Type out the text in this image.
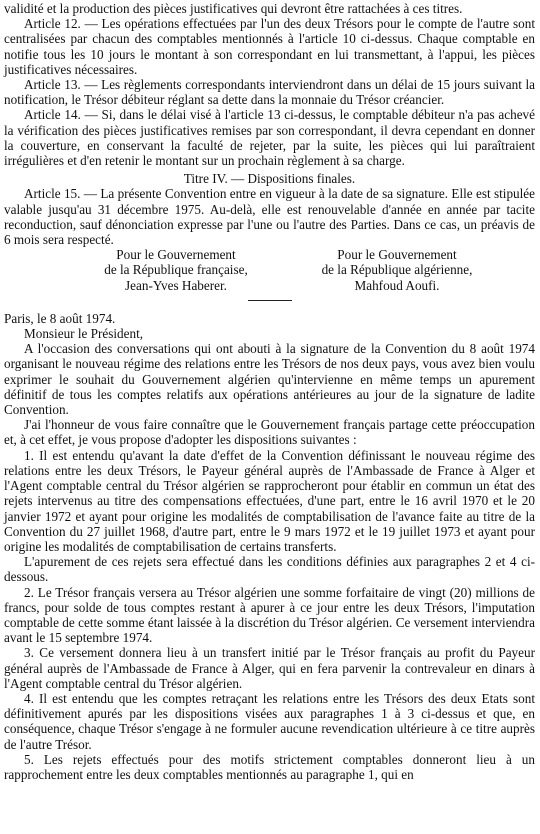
validité et la production des pièces justificatives qui devront être rattachées à ces titres.

Article 12. — Les opérations effectuées par l'un des deux Trésors pour le compte de l'autre sont centralisées par chacun des comptables mentionnés à l'article 10 ci-dessus. Chaque comptable en notifie tous les 10 jours le montant à son correspondant en lui transmettant, à l'appui, les pièces justificatives nécessaires.

Article 13. — Les règlements correspondants interviendront dans un délai de 15 jours suivant la notification, le Trésor débiteur réglant sa dette dans la monnaie du Trésor créancier.

Article 14. — Si, dans le délai visé à l'article 13 ci-dessus, le comptable débiteur n'a pas achevé la vérification des pièces justificatives remises par son correspondant, il devra cependant en donner la couverture, en conservant la faculté de rejeter, par la suite, les pièces qui lui paraîtraient irrégulières et d'en retenir le montant sur un prochain règlement à sa charge.

Titre IV. — Dispositions finales.

Article 15. — La présente Convention entre en vigueur à la date de sa signature. Elle est stipulée valable jusqu'au 31 décembre 1975. Au-delà, elle est renouvelable d'année en année par tacite reconduction, sauf dénonciation expresse par l'une ou l'autre des Parties. Dans ce cas, un préavis de 6 mois sera respecté.

Pour le Gouvernement
de la République française,
Jean-Yves Haberer.
Pour le Gouvernement
de la République algérienne,
Mahfoud Aoufi.

Paris, le 8 août 1974.

Monsieur le Président,

A l'occasion des conversations qui ont abouti à la signature de la Convention du 8 août 1974 organisant le nouveau régime des relations entre les Trésors de nos deux pays, vous avez bien voulu exprimer le souhait du Gouvernement algérien qu'intervienne en même temps un apurement définitif de tous les comptes relatifs aux opérations antérieures au jour de la signature de ladite Convention.

J'ai l'honneur de vous faire connaître que le Gouvernement français partage cette préoccupation et, à cet effet, je vous propose d'adopter les dispositions suivantes :

1. Il est entendu qu'avant la date d'effet de la Convention définissant le nouveau régime des relations entre les deux Trésors, le Payeur général auprès de l'Ambassade de France à Alger et l'Agent comptable central du Trésor algérien se rapprocheront pour établir en commun un état des rejets intervenus au titre des compensations effectuées, d'une part, entre le 16 avril 1970 et le 20 janvier 1972 et ayant pour origine les modalités de comptabilisation de l'avance faite au titre de la Convention du 27 juillet 1968, d'autre part, entre le 9 mars 1972 et le 19 juillet 1973 et ayant pour origine les modalités de comptabilisation de certains transferts.

L'apurement de ces rejets sera effectué dans les conditions définies aux paragraphes 2 et 4 ci-dessous.

2. Le Trésor français versera au Trésor algérien une somme forfaitaire de vingt (20) millions de francs, pour solde de tous comptes restant à apurer à ce jour entre les deux Trésors, l'imputation comptable de cette somme étant laissée à la discrétion du Trésor algérien. Ce versement interviendra avant le 15 septembre 1974.

3. Ce versement donnera lieu à un transfert initié par le Trésor français au profit du Payeur général auprès de l'Ambassade de France à Alger, qui en fera parvenir la contrevaleur en dinars à l'Agent comptable central du Trésor algérien.

4. Il est entendu que les comptes retraçant les relations entre les Trésors des deux Etats sont définitivement apurés par les dispositions visées aux paragraphes 1 à 3 ci-dessus et que, en conséquence, chaque Trésor s'engage à ne formuler aucune revendication ultérieure à ce titre auprès de l'autre Trésor.

5. Les rejets effectués pour des motifs strictement comptables donneront lieu à un rapprochement entre les deux comptables mentionnés au paragraphe 1, qui en
